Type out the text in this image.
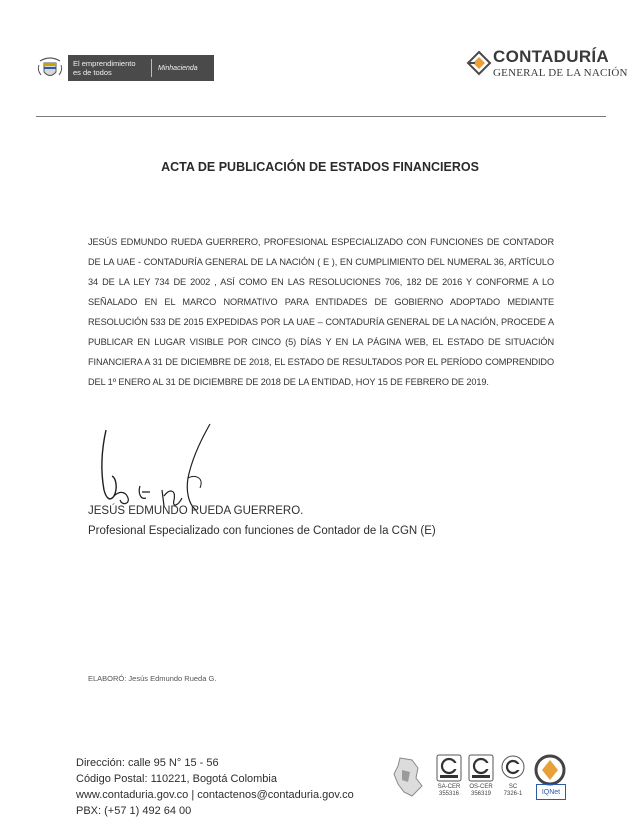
El emprendimiento
es de todos	Minhacienda
CONTADURÍA
GENERAL DE LA NACIÓN
ACTA DE PUBLICACIÓN DE ESTADOS FINANCIEROS
JESÚS EDMUNDO RUEDA GUERRERO, PROFESIONAL ESPECIALIZADO CON FUNCIONES DE CONTADOR DE LA UAE - CONTADURÍA GENERAL DE LA NACIÓN ( E ), EN CUMPLIMIENTO DEL NUMERAL 36, ARTÍCULO 34 DE LA LEY 734 DE 2002 , ASÍ COMO EN LAS RESOLUCIONES 706, 182 DE 2016 Y CONFORME A LO SEÑALADO EN EL MARCO NORMATIVO PARA ENTIDADES DE GOBIERNO ADOPTADO MEDIANTE RESOLUCIÓN 533 DE 2015 EXPEDIDAS POR LA UAE – CONTADURÍA GENERAL DE LA NACIÓN, PROCEDE A PUBLICAR EN LUGAR VISIBLE POR CINCO (5) DÍAS Y EN LA PÁGINA WEB, EL ESTADO DE SITUACIÓN FINANCIERA A 31 DE DICIEMBRE DE 2018, EL ESTADO DE RESULTADOS POR EL PERÍODO COMPRENDIDO DEL 1º ENERO AL 31 DE DICIEMBRE DE 2018 DE LA ENTIDAD, HOY 15 DE FEBRERO DE 2019.
JESÚS EDMUNDO RUEDA GUERRERO.
Profesional Especializado con funciones de Contador de la CGN (E)
ELABORÓ: Jesús Edmundo Rueda G.
Dirección: calle 95 N° 15 - 56
Código Postal: 110221, Bogotá Colombia
www.contaduria.gov.co | contactenos@contaduria.gov.co
PBX: (+57 1) 492 64 00
SA-CER
355316
OS-CER
356319
SC
7326-1	IQNet
